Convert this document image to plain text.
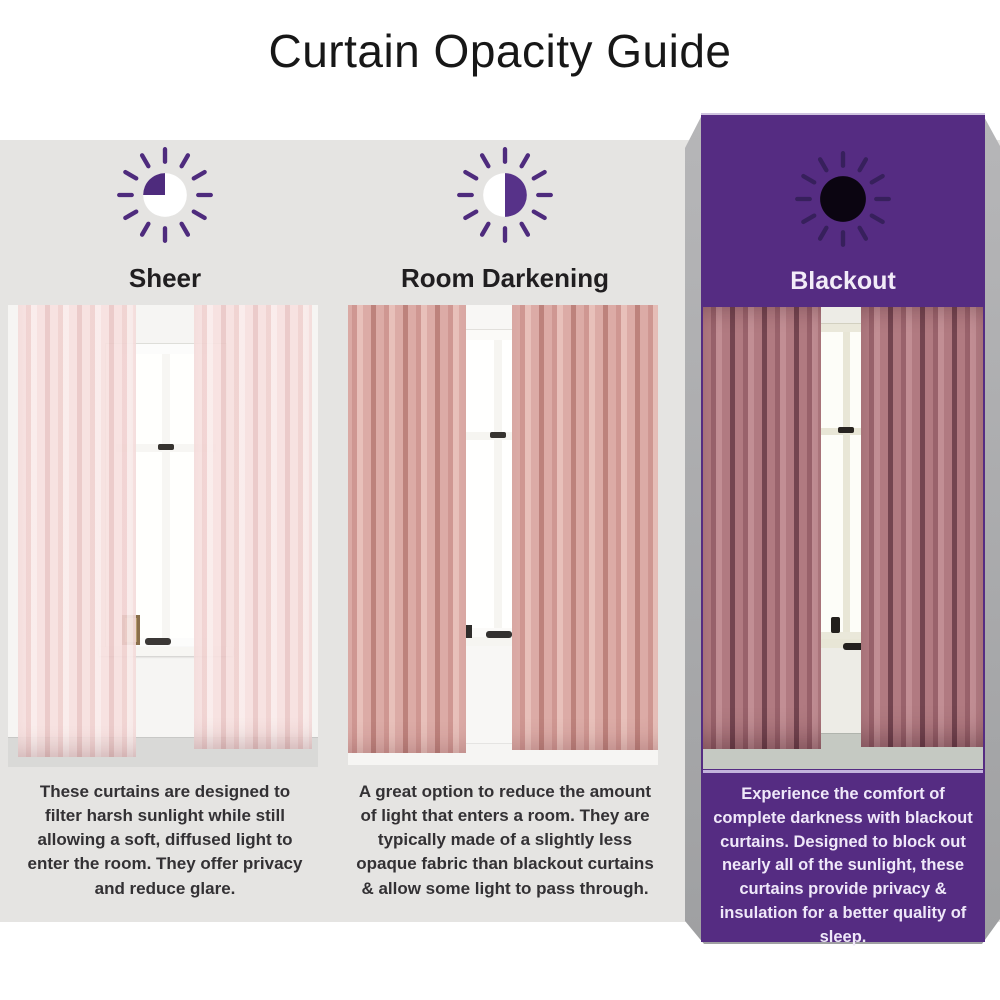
Curtain Opacity Guide
Sheer
These curtains are designed to filter harsh sunlight while still allowing a soft, diffused light to enter the room. They offer privacy and reduce glare.
Room Darkening
A great option to reduce the amount of light that enters a room. They are typically made of a slightly less opaque fabric than blackout curtains & allow some light to pass through.
Blackout
Experience the comfort of complete darkness with blackout curtains. Designed to block out nearly all of the sunlight, these curtains provide privacy & insulation for a better quality of sleep.
